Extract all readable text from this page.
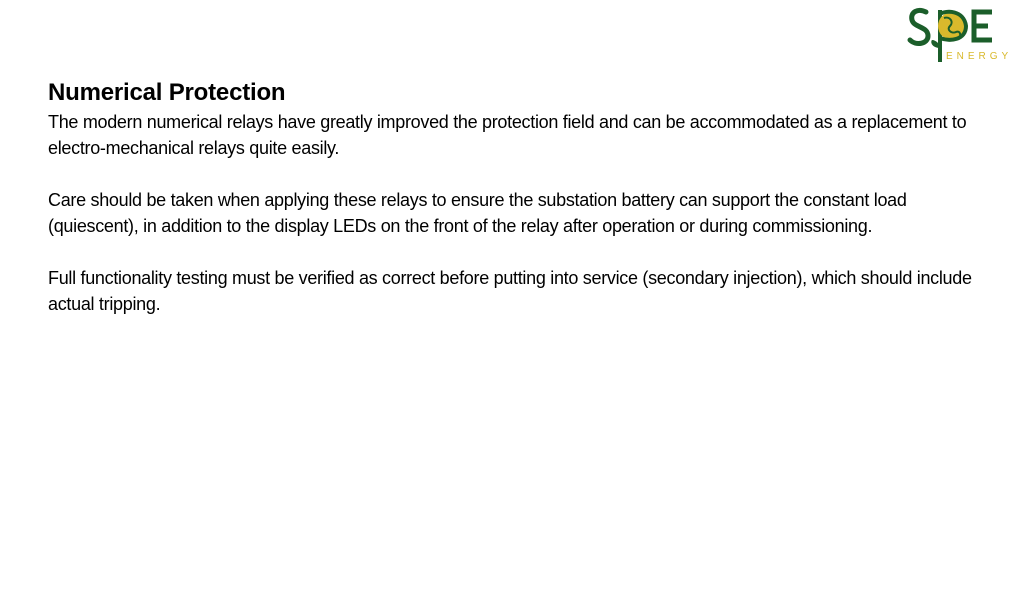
ENERGY
Numerical Protection

The modern numerical relays have greatly improved the protection field and can be accommodated as a replacement to electro-mechanical relays quite easily.

Care should be taken when applying these relays to ensure the substation battery can support the constant load (quiescent), in addition to the display LEDs on the front of the relay after operation or during commissioning.

Full functionality testing must be verified as correct before putting into service (secondary injection), which should include actual tripping.
